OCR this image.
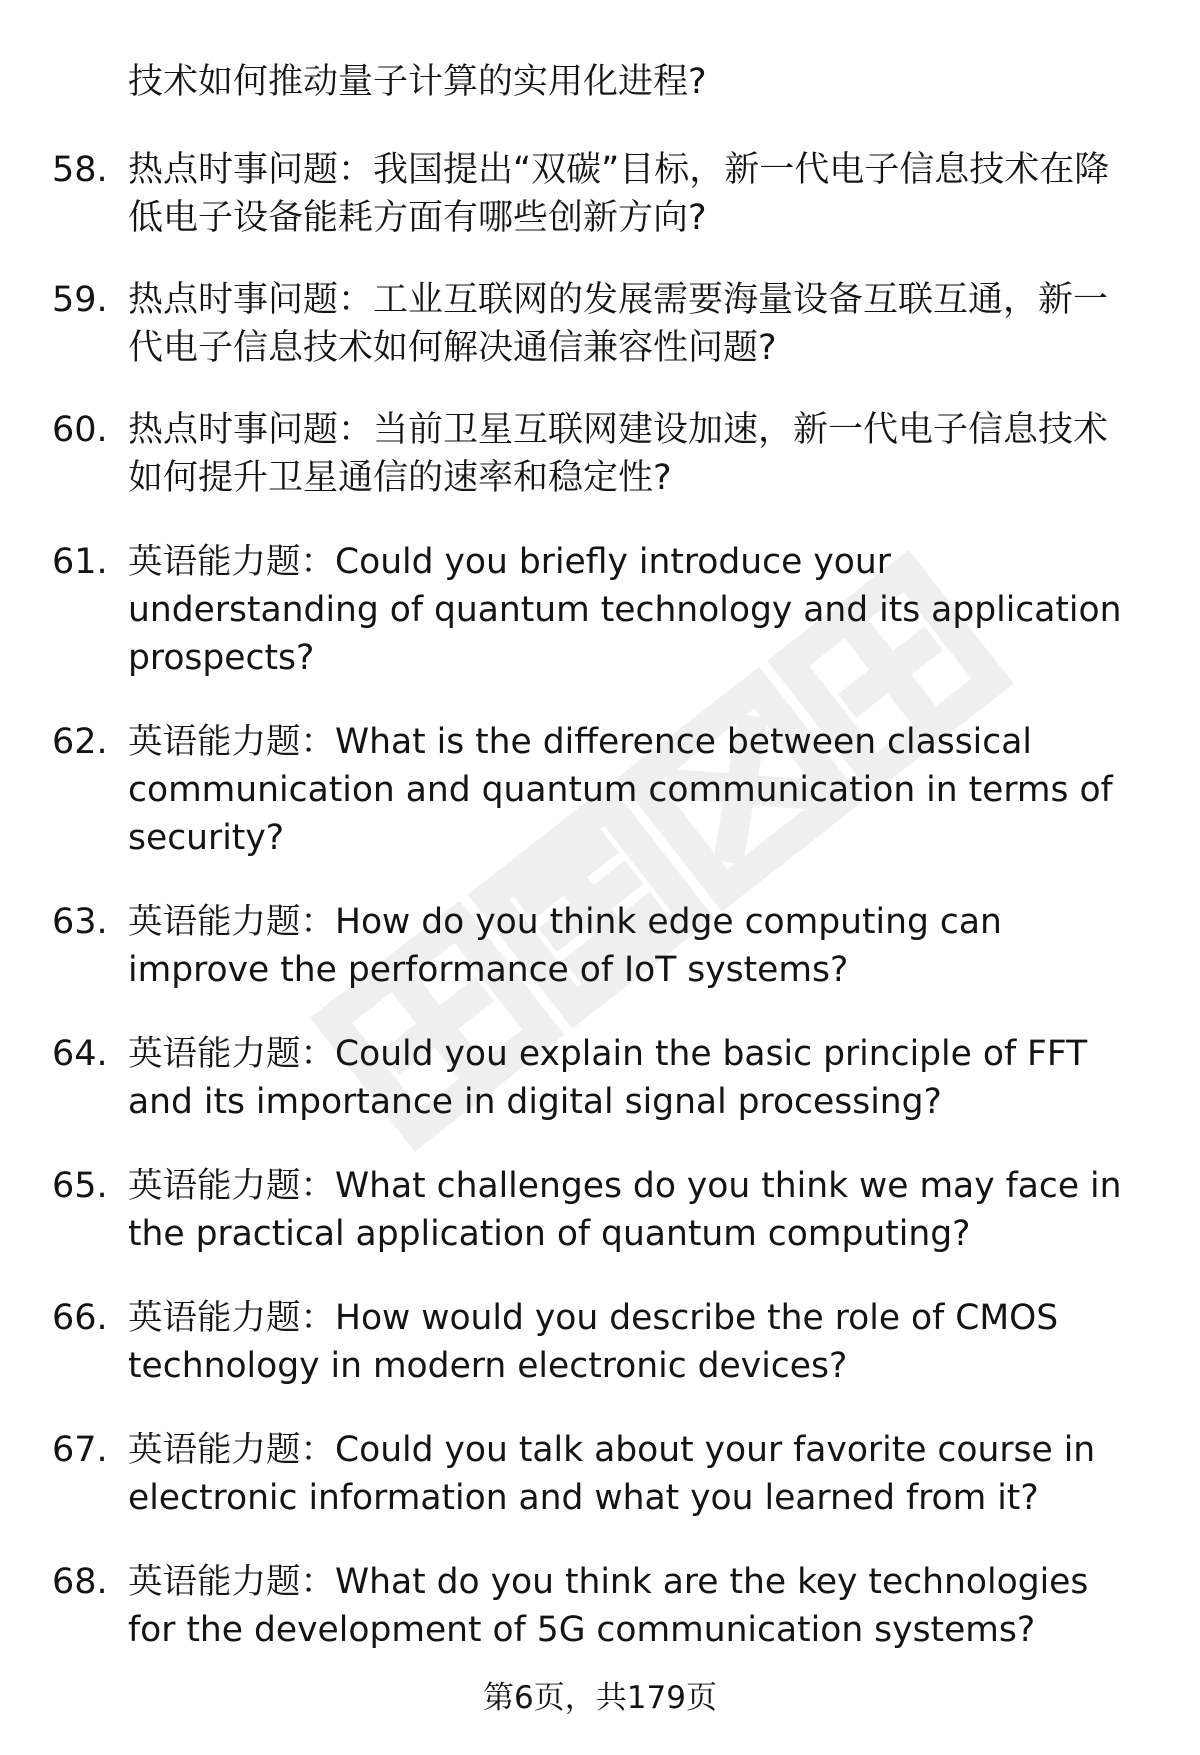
技术如何推动量子计算的实用化进程?
58. 热点时事问题：我国提出“双碳”目标，新一代电子信息技术在降低电子设备能耗方面有哪些创新方向?
59. 热点时事问题：工业互联网的发展需要海量设备互联互通，新一代电子信息技术如何解决通信兼容性问题?
60. 热点时事问题：当前卫星互联网建设加速，新一代电子信息技术如何提升卫星通信的速率和稳定性?
61. 英语能力题：Could you briefly introduce your understanding of quantum technology and its application prospects?
62. 英语能力题：What is the difference between classical communication and quantum communication in terms of security?
63. 英语能力题：How do you think edge computing can improve the performance of IoT systems?
64. 英语能力题：Could you explain the basic principle of FFT and its importance in digital signal processing?
65. 英语能力题：What challenges do you think we may face in the practical application of quantum computing?
66. 英语能力题：How would you describe the role of CMOS technology in modern electronic devices?
67. 英语能力题：Could you talk about your favorite course in electronic information and what you learned from it?
68. 英语能力题：What do you think are the key technologies for the development of 5G communication systems?
第6页，共179页
